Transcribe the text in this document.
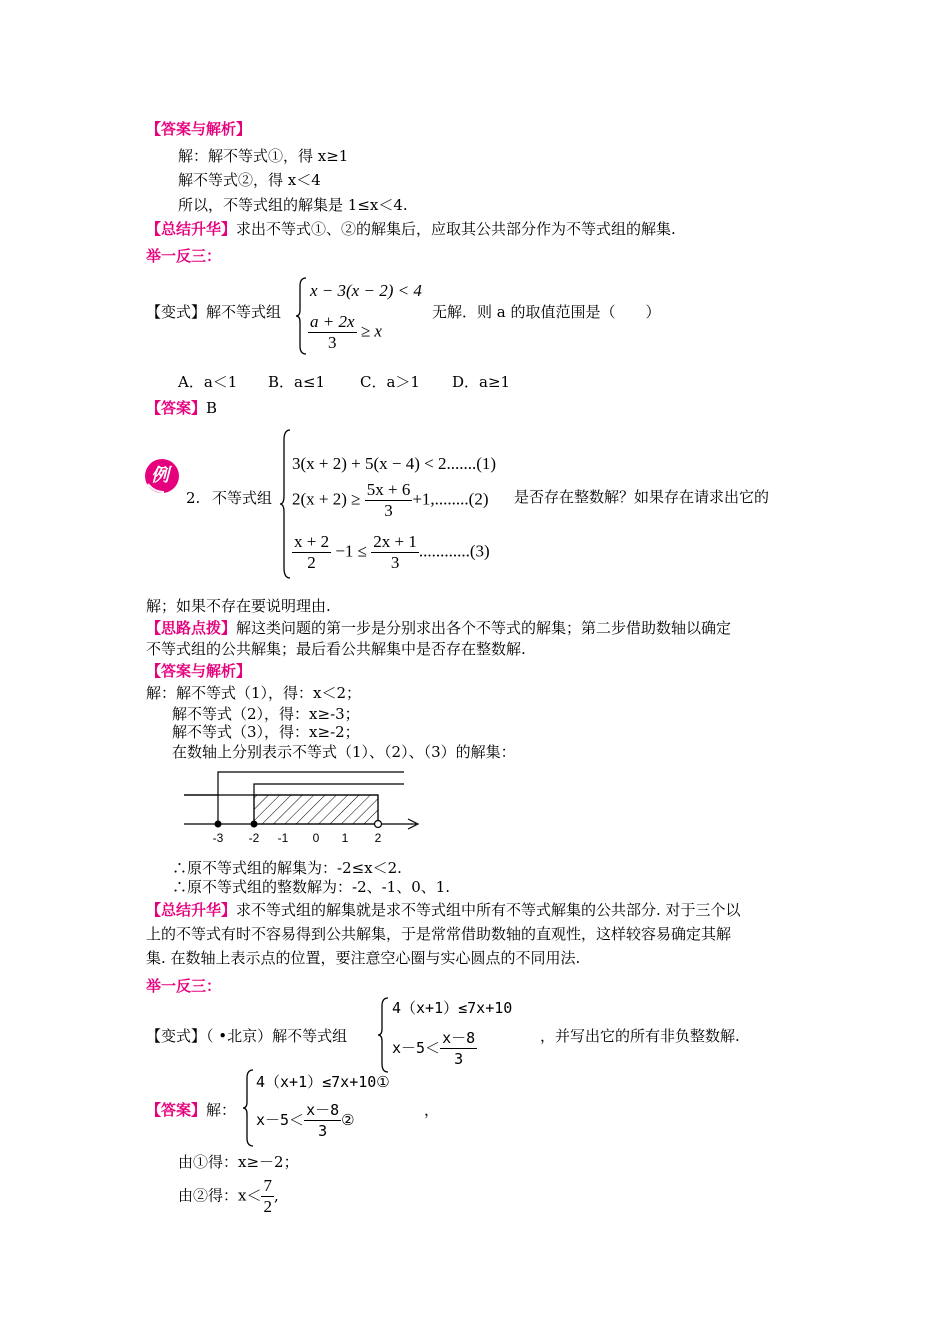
【答案与解析】
解：解不等式①，得 x≥1
解不等式②，得 x＜4
所以，不等式组的解集是 1≤x＜4.
【总结升华】求出不等式①、②的解集后，应取其公共部分作为不等式组的解集.
举一反三：
【变式】解不等式组
x − 3(x − 2) < 4
$\frac{a + 2x}{3} \ge x$
无解．则 a 的取值范围是（　　）
A．a＜1 B．a≤1 C．a＞1 D．a≥1
【答案】B
例
2. 不等式组
3(x + 2) + 5(x − 4) < 2.......(1)
$2(x + 2) \ge \frac{5x + 6}{3} +1,........(2)$
$\frac{x + 2}{2} -1 \le \frac{2x + 1}{3} ............(3)$
是否存在整数解？如果存在请求出它的
解；如果不存在要说明理由.
【思路点拨】解这类问题的第一步是分别求出各个不等式的解集；第二步借助数轴以确定
不等式组的公共解集；最后看公共解集中是否存在整数解.
【答案与解析】
解：解不等式（1），得：x＜2；
解不等式（2），得：x≥-3；
解不等式（3），得：x≥-2；
在数轴上分别表示不等式（1）、（2）、（3）的解集：
-3 -2 -1 0 1 2
∴原不等式组的解集为：-2≤x＜2.
∴原不等式组的整数解为：-2、-1、0、1.
【总结升华】求不等式组的解集就是求不等式组中所有不等式解集的公共部分. 对于三个以
上的不等式有时不容易得到公共解集，于是常常借助数轴的直观性，这样较容易确定其解
集. 在数轴上表示点的位置，要注意空心圈与实心圆点的不同用法.
举一反三：
【变式】（ •北京）解不等式组
4（x+1）≤7x+10
$x-5< \frac{x-8}{3}$	，并写出它的所有非负整数解.
【答案】解：
4（x+1）≤7x+10①
$x-5< \frac{x-8}{3}$ ②
，
由①得：x≥－2；
由②得：$x< \frac{7}{2}$ ,
